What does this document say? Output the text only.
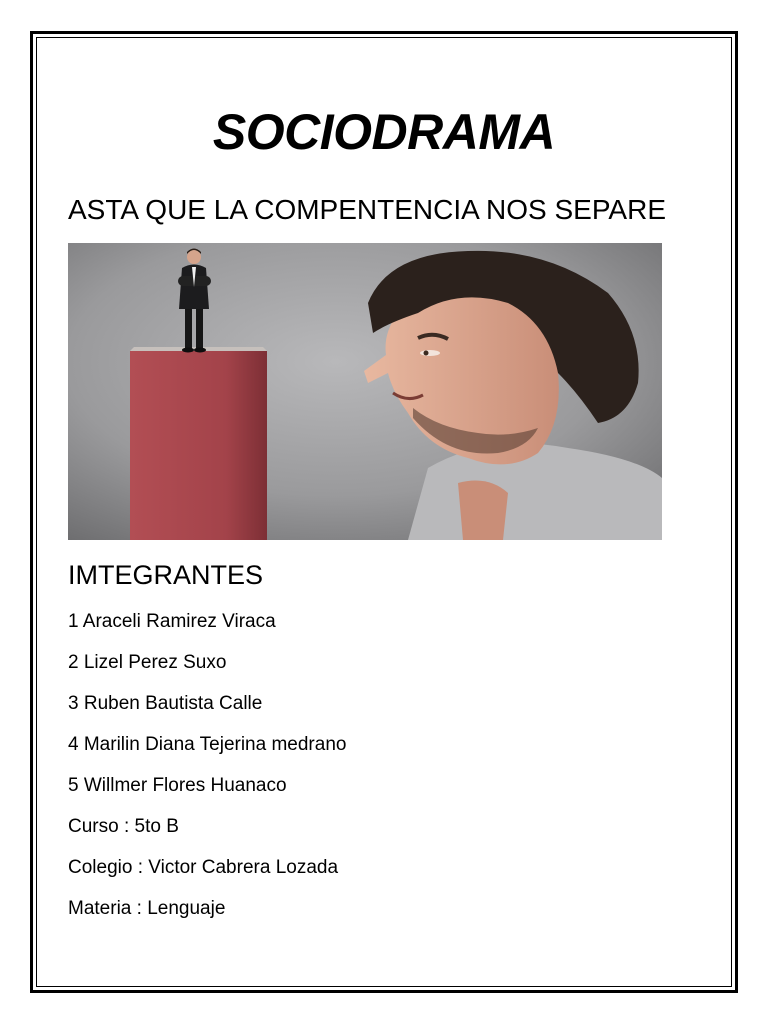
SOCIODRAMA
ASTA QUE LA COMPENTENCIA NOS SEPARE
IMTEGRANTES
1 Araceli Ramirez Viraca
2 Lizel Perez Suxo
3 Ruben Bautista Calle
4 Marilin Diana Tejerina medrano
5 Willmer Flores Huanaco
Curso : 5to B
Colegio : Victor Cabrera Lozada
Materia : Lenguaje
